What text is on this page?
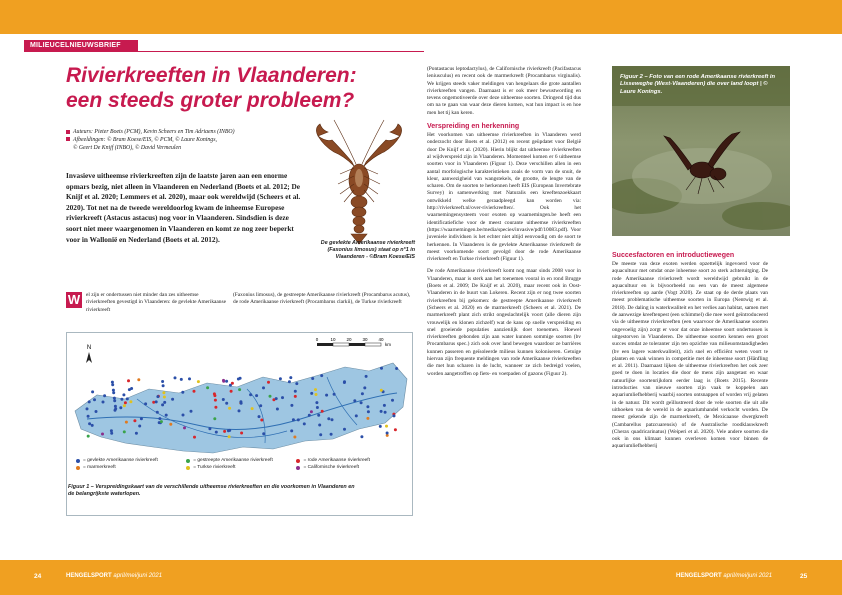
MILIEUCELNIEUWSBRIEF
Rivierkreeften in Vlaanderen:
een steeds groter probleem?
Auteurs: Pieter Boets (PCM), Kevin Scheers en Tim Adriaens (INBO)
Afbeeldingen: © Bram Koese/EIS, © PCM, © Laure Konings,
© Geert De Knijf (INBO), © David Vermeulen

Invasieve uitheemse rivierkreeften zijn de laatste jaren aan een enorme opmars bezig, niet alleen in Vlaanderen en Nederland (Boets et al. 2012; De Knijf et al. 2020; Lemmers et al. 2020), maar ook wereldwijd (Scheers et al. 2020). Tot net na de tweede wereldoorlog kwam de inheemse Europese rivierkreeft (Astacus astacus) nog voor in Vlaanderen. Sindsdien is deze soort niet meer waargenomen in Vlaanderen en komt ze nog zeer beperkt voor in Wallonië en Nederland (Boets et al. 2012).	De gevlekte Amerikaanse rivierkreeft (Faxonius limosus) staat op n°1 in Vlaanderen - ©Bram Koese/EIS
W	el zijn er ondertussen niet minder dan zes uitheemse rivierkreeften gevestigd in Vlaanderen: de gevlekte Amerikaanse rivierkreeft

(Faxonius limosus), de gestreepte Amerikaanse rivierkreeft (Procambarus acutus), de rode Amerikaanse rivierkreeft (Procambarus clarkii), de Turkse rivierkreeft

N
0	10 20 30 40
km
= gevlekte Amerikaanse rivierkreeft	= gestreepte Amerikaanse rivierkreeft	= rode Amerikaanse rivierkreeft
= marmerkreeft	= Turkse rivierkreeft	= Californische rivierkreeft
Figuur 1 – Verspreidingskaart van de verschillende uitheemse rivierkreeften en die voorkomen in Vlaanderen en de belangrijkste waterlopen.

(Pontastacus leptodactylus), de Californische rivierkreeft (Pacifastacus leniusculus) en recent ook de marmerkreeft (Procambarus virginalis). We krijgen steeds vaker meldingen van hengelaars die grote aantallen rivierkreeften vangen. Daarnaast is er ook meer bewustwording en tevens ongemotiveerde over deze uitheemse soorten. Dringend tijd dus om na te gaan van waar deze dieren komen, wat hun impact is en hoe men het tij kan keren.

Verspreiding en herkenning

Het voorkomen van uitheemse rivierkreeften in Vlaanderen werd onderzocht door Boets et al. (2012) en recent geüpdatet voor België door De Knijf et al. (2020). Hierin blijkt dat uitheemse rivierkreeften al wijdverspreid zijn in Vlaanderen. Momenteel komen er 6 uitheemse soorten voor in Vlaanderen (Figuur 1). Deze verschillen allen in een aantal morfologische karakteristieken zoals de vorm van de snuit, de kleur, aanwezigheid van wangstekels, de grootte, de lengte van de scharen. Om de soorten te herkennen heeft EIS (European Invertebrate Survey) in samenwerking met Naturalis een kreeftenzoekkaart ontwikkeld welke geraadpleegd kan worden via: http://rivierkreeft.nl/over-rivierkreeften/. Ook het waarnemingensysteem voor exoten op waarnemingen.be heeft een identificatiefiche voor de meest courante uitheemse rivierkreeften (https://waarnemingen.be/media/species/invasive/pdf/10083.pdf). Voor juveniele individuen is het echter niet altijd eenvoudig om de soort te herkennen. In Vlaanderen is de gevlekte Amerikaanse rivierkreeft de meest voorkomende soort gevolgd door de rode Amerikaanse rivierkreeft en Turkse rivierkreeft (Figuur 1).

De rode Amerikaanse rivierkreeft komt nog maar sinds 2008 voor in Vlaanderen, maar is sterk aan het toenemen vooral in en rond Brugge (Boets et al. 2009; De Knijf et al. 2020), maar recent ook in Oost-Vlaanderen in de buurt van Lokeren. Recent zijn er nog twee soorten rivierkreeften bij gekomen: de gestreepte Amerikaanse rivierkreeft (Scheers et al. 2020) en de marmerkreeft (Scheers et al. 2021). De marmerkreeft plant zich strikt ongeslachtelijk voort (alle dieren zijn vrouwelijk en klonen zichzelf) wat de kans op snelle verspreiding en snel groeiende populaties aanzienlijk doet toenemen. Hoewel rivierkreeften gebonden zijn aan water kunnen sommige soorten (bv Procambarus spec.) zich ook over land bewegen waardoor ze barrières kunnen passeren en geïsoleerde milieus kunnen koloniseren. Getuige hiervan zijn frequente meldingen van rode Amerikaanse rivierkreeften die met hun scharen in de lucht, wanneer ze zich bedreigd voelen, worden aangetroffen op fiets- en voetpaden of gazons (Figuur 2).

Figuur 2 – Foto van een rode Amerikaanse rivierkreeft in Lisseweghe (West-Vlaanderen) die over land loopt | © Laure Konings.
Succesfactoren en introductiewegen

De meeste van deze exoten werden opzettelijk ingevoerd voor de aquacultuur met omdat onze inheemse soort zo sterk achteruitging. De rode Amerikaanse rivierkreeft wordt wereldwijd gebruikt in de aquacultuur en is bijvoorbeeld nu een van de meest algemene rivierkreeften op aarde (Vogt 2020). Ze staat op de derde plaats van meest problematische uitheemse soorten in Europa (Nentwig et al. 2018). De daling in waterkwaliteit en het verlies aan habitat, samen met de aanwezige kreeftenpest (een schimmel) die mee werd geïntroduceerd via de uitheemse rivierkreeften (een waarvoor de Amerikaanse soorten ongevoelig zijn) zorgt er voor dat onze inheemse soort ondertussen is uitgestorven in Vlaanderen. De uitheemse soorten kennen een groot succes omdat ze toleranter zijn ten opzichte van milieuomstandigheden (bv een lagere waterkwaliteit), zich snel en efficiënt weten voort te planten en vaak winnen in competitie met de inheemse soort (Hänfling et al. 2011). Daarnaast lijken de uitheemse rivierkreeften het ook zeer goed te doen in locaties die door de mens zijn aangetast en waar natuurlijke soortenrijkdom eerder laag is (Boets 2015). Recente introducties van nieuwe soorten zijn vaak te koppelen aan aquariumliefhebberij waarbij soorten ontsnappen of worden vrij gelaten in de natuur. Dit wordt geïllustreerd door de vele soorten die uit alle uithoeken van de wereld in de aquariumhandel verkocht worden. De meest gekende zijn de marmerkreeft, de Mexicaanse dwergkreeft (Cambarellus patzcuarensis) of de Australische roodklauwkreeft (Cherax quadricarinatus) (Weiperi et al. 2020). Vele andere soorten die ook in ons klimaat kunnen overleven komen voor binnen de aquariumliefhebberij

24	HENGELSPORT april/mei/juni 2021	HENGELSPORT april/mei/juni 2021	25
